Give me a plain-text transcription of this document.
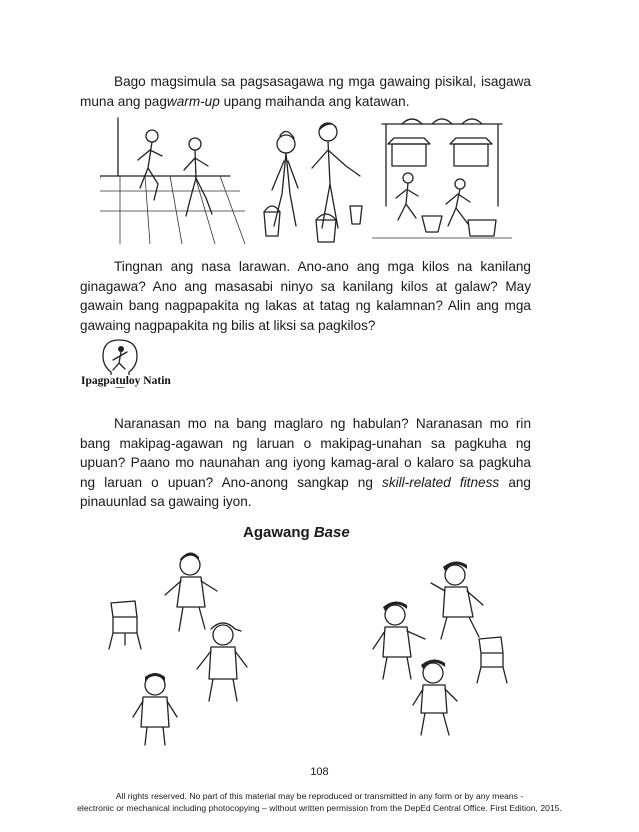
Bago magsimula sa pagsasagawa ng mga gawaing pisikal, isagawa muna ang pagwarm-up upang maihanda ang katawan.

Tingnan ang nasa larawan. Ano-ano ang mga kilos na kanilang ginagawa? Ano ang masasabi ninyo sa kanilang kilos at galaw? May gawain bang nagpapakita ng lakas at tatag ng kalamnan? Alin ang mga gawaing nagpapakita ng bilis at liksi sa pagkilos?

Ipagpatuloy Natin

Naranasan mo na bang maglaro ng habulan? Naranasan mo rin bang makipag-agawan ng laruan o makipag-unahan sa pagkuha ng upuan? Paano mo naunahan ang iyong kamag-aral o kalaro sa pagkuha ng laruan o upuan? Ano-anong sangkap ng skill-related fitness ang pinauunlad sa gawaing iyon.

Agawang Base
108
All rights reserved. No part of this material may be reproduced or transmitted in any form or by any means -
electronic or mechanical including photocopying – without written permission from the DepEd Central Office. First Edition, 2015.
